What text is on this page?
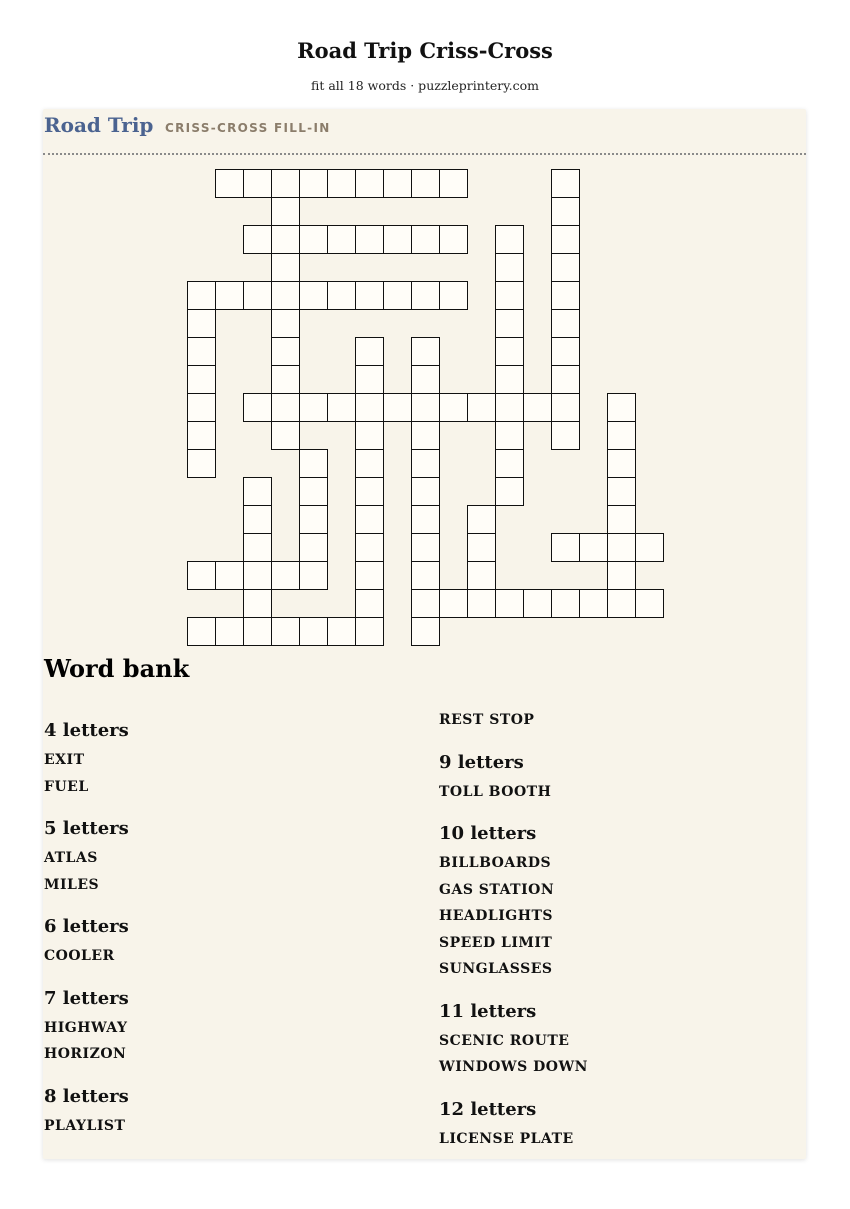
Road Trip Criss-Cross
fit all 18 words · puzzleprintery.com
Road Trip CRISS-CROSS FILL-IN
Word bank
4 letters
EXIT
FUEL
5 letters
ATLAS
MILES
6 letters
COOLER
7 letters
HIGHWAY
HORIZON
8 letters
PLAYLIST
REST STOP
9 letters
TOLL BOOTH
10 letters
BILLBOARDS
GAS STATION
HEADLIGHTS
SPEED LIMIT
SUNGLASSES
11 letters
SCENIC ROUTE
WINDOWS DOWN
12 letters
LICENSE PLATE
